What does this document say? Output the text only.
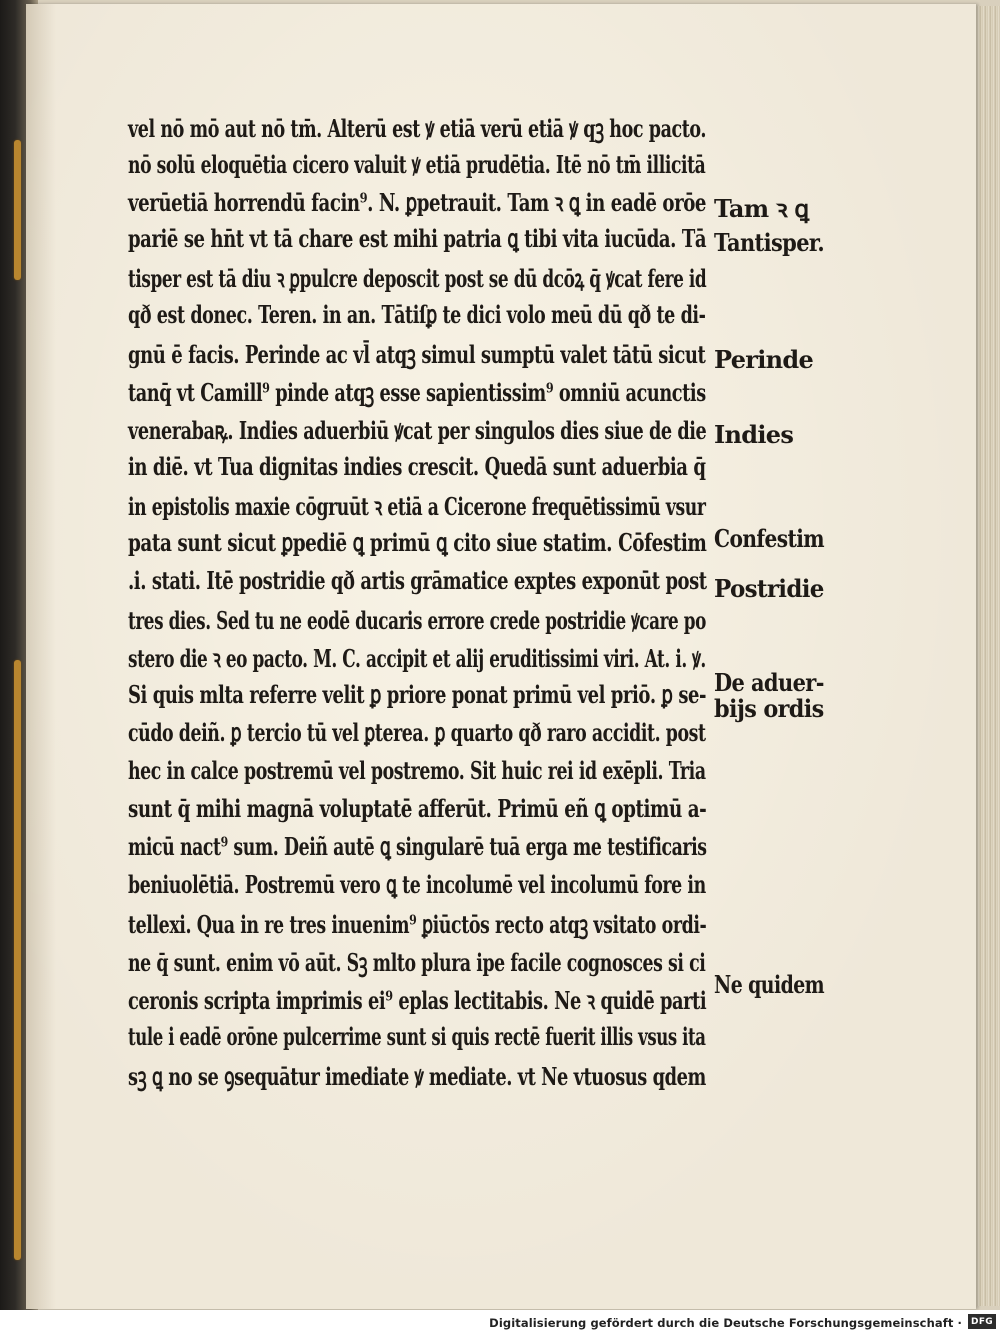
vel nō mō aut nō tm̄. Alterū est ꝟ etiā verū etiā ꝟ qꝫ hoc pacto.
nō solū eloquētia cicero valuit ꝟ etiā prudētia. Itē nō tm̄ illicitā
verūetiā horrendū facin⁹. N. ꝑpetrauit. Tam ꝛ ꝗ in eadē orōe
pariē se hn̄t vt tā chare est mihi patria ꝗ tibi vita iucūda. Tā
tisper est tā diu ꝛ ꝑpulcre deposcit post se dū dcōꝝ q̄ ꝟcat fere id
qð est donec. Teren. in an. Tātiſꝑ te dici volo meū dū qð te di-
gnū ē facis. Perinde ac vl̄ atqꝫ simul sumptū valet tātū sicut
tanq̄ vt Camill⁹ pinde atqꝫ esse sapientissim⁹ omniū acunctis
venerabaꝶ. Indies aduerbiū ꝟcat per singulos dies siue de die
in diē. vt Tua dignitas indies crescit. Quedā sunt aduerbia q̄
in epistolis maxie cōgruūt ꝛ etiā a Cicerone frequētissimū vsur
pata sunt sicut ꝑpediē ꝗ primū ꝗ cito siue statim. Cōfestim
.i. stati. Itē postridie qð artis grāmatice exptes exponūt post
tres dies. Sed tu ne eodē ducaris errore crede postridie ꝟcare po
stero die ꝛ eo pacto. M. C. accipit et alij eruditissimi viri. At. i. ꝟ.
Si quis mlta referre velit ꝑ priore ponat primū vel priō. ꝑ se-
cūdo deiñ. ꝑ tercio tū vel ꝑterea. ꝑ quarto qð raro accidit. post
hec in calce postremū vel postremo. Sit huic rei id exēpli. Tria
sunt q̄ mihi magnā voluptatē afferūt. Primū eñ ꝗ optimū a-
micū nact⁹ sum. Deiñ autē ꝗ singularē tuā erga me testificaris
beniuolētiā. Postremū vero ꝗ te incolumē vel incolumū fore in
tellexi. Qua in re tres inuenim⁹ ꝑiūctōs recto atqꝫ vsitato ordi-
ne q̄ sunt. enim vō aūt. Sꝫ mlto plura ipe facile cognosces si ci
ceronis scripta imprimis ei⁹ eplas lectitabis. Ne ꝛ quidē parti
tule i eadē orōne pulcerrime sunt si quis rectē fuerit illis vsus ita
sꝫ ꝗ no se ꝯsequātur imediate ꝟ mediate. vt Ne vtuosus qdem
Tam ꝛ ꝗ
Tantisper.
Perinde
Indies
Confestim
Postridie
De aduer-
bijs ordis
Ne quidem
Digitalisierung gefördert durch die Deutsche Forschungsgemeinschaft ·	DFG
